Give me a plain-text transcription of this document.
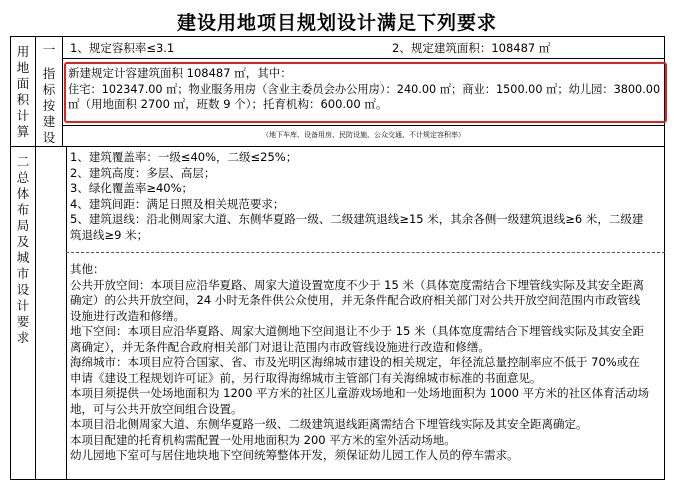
建设用地项目规划设计满足下列要求
用地面积计算
一
指标按建设
1、规定容积率≤3.1	2、规定建筑面积：108487 ㎡
新建规定计容建筑面积 108487 ㎡，其中：
住宅：102347.00 ㎡；物业服务用房（含业主委员会办公用房）：240.00 ㎡；商业：1500.00 ㎡；幼儿园：3800.00
㎡（用地面积 2700 ㎡，班数 9 个）；托育机构：600.00 ㎡。
（地下车库、设备用房、民防设施、公众交通、不计规定容积率）
二总体布局及城市设计要求
1、建筑覆盖率：一级≤40%，二级≤25%；
2、建筑高度：多层、高层；
3、绿化覆盖率≥40%；
4、建筑间距：满足日照及相关规范要求；
5、建筑退线：沿北侧周家大道、东侧华夏路一级、二级建筑退线≥15 米，其余各侧一级建筑退线≥6 米，二级建
筑退线≥9 米；
其他：
公共开放空间：本项目应沿华夏路、周家大道设置宽度不少于 15 米（具体宽度需结合下埋管线实际及其安全距离
确定）的公共开放空间，24 小时无条件供公众使用，并无条件配合政府相关部门对公共开放空间范围内市政管线
设施进行改造和修缮。
地下空间：本项目应沿华夏路、周家大道侧地下空间退让不少于 15 米（具体宽度需结合下埋管线实际及其安全距
离确定），并无条件配合政府相关部门对退让范围内市政管线设施进行改造和修缮。
海绵城市：本项目应符合国家、省、市及光明区海绵城市建设的相关规定，年径流总量控制率应不低于 70%或在
申请《建设工程规划许可证》前，另行取得海绵城市主管部门有关海绵城市标准的书面意见。
本项目须提供一处场地面积为 1200 平方米的社区儿童游戏场地和一处场地面积为 1000 平方米的社区体育活动场
地，可与公共开放空间组合设置。
本项目沿北侧周家大道、东侧华夏路一级、二级建筑退线距离需结合下埋管线实际及其安全距离确定。
本项目配建的托育机构需配置一处用地面积为 200 平方米的室外活动场地。
幼儿园地下室可与居住地块地下空间统筹整体开发，须保证幼儿园工作人员的停车需求。
